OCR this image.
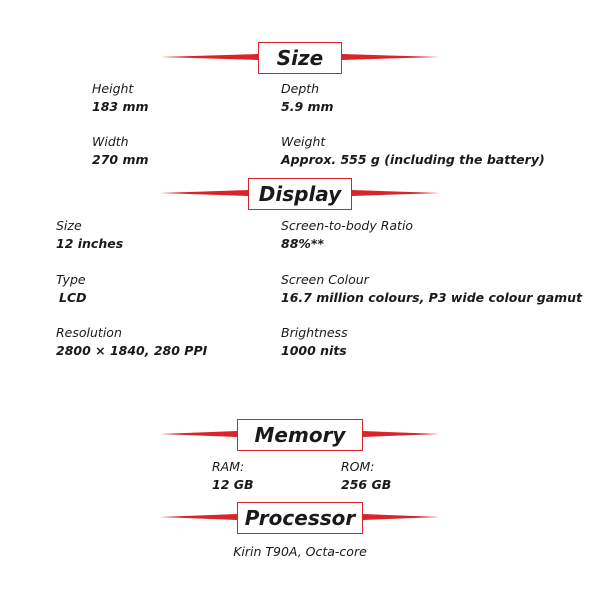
Size
Height
183 mm
Depth
5.9 mm
Width
270 mm
Weight
Approx. 555 g (including the battery)
Display
Size
12 inches
Screen-to-body Ratio
88%**
Type
LCD
Screen Colour
16.7 million colours, P3 wide colour gamut
Resolution
2800 × 1840, 280 PPI
Brightness
1000 nits
Memory
RAM:
12 GB
ROM:
256 GB
Processor
Kirin T90A, Octa-core
